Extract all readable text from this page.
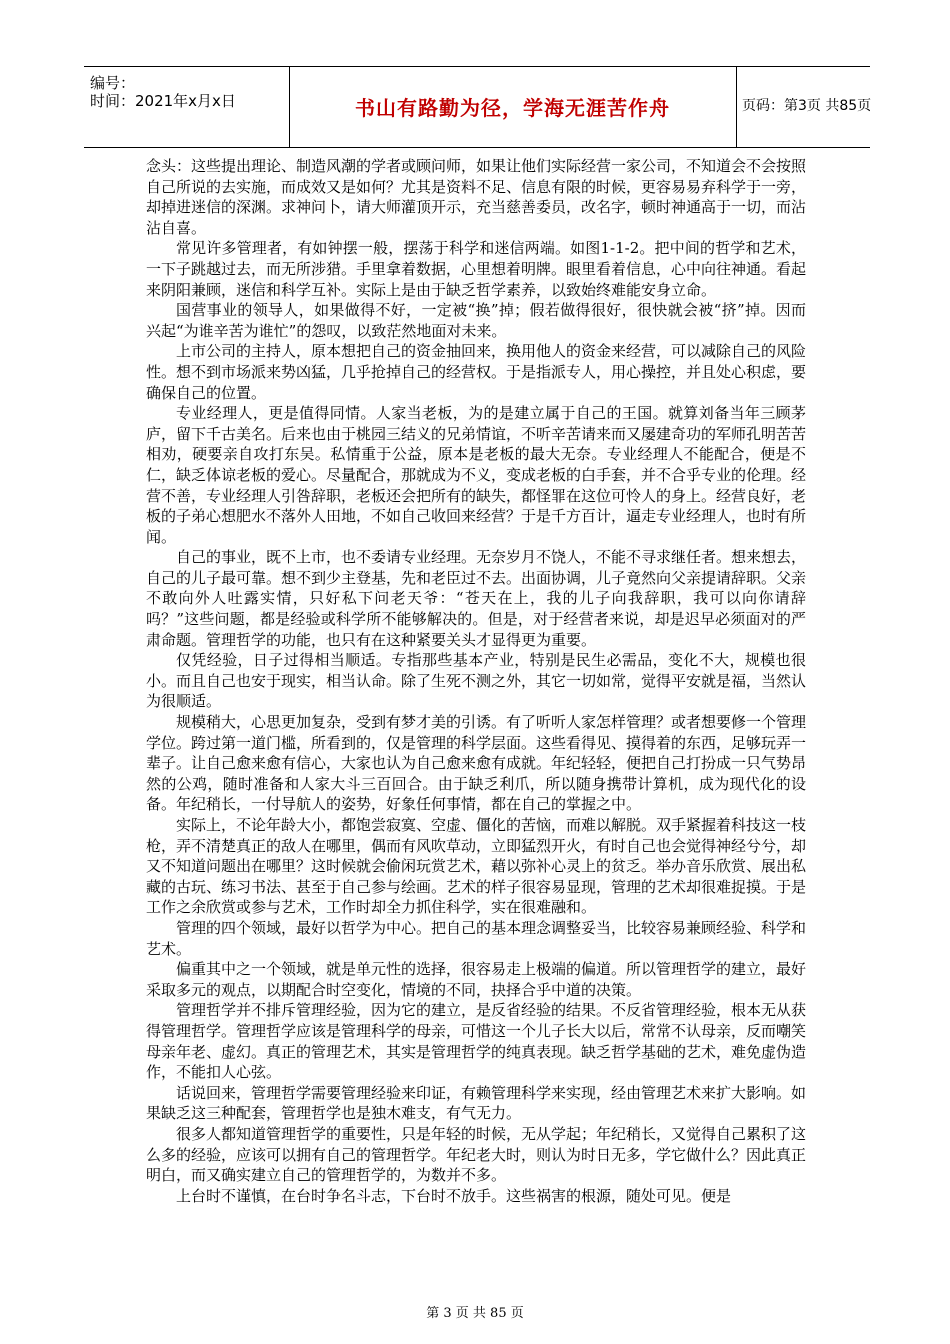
编号：
时间：2021年x月x日	书山有路勤为径，学海无涯苦作舟	页码：第3页 共85页

念头：这些提出理论、制造风潮的学者或顾问师，如果让他们实际经营一家公司，不知道会不会按照自己所说的去实施，而成效又是如何？尤其是资料不足、信息有限的时候，更容易易弃科学于一旁，却掉进迷信的深渊。求神问卜，请大师灌顶开示，充当慈善委员，改名字，顿时神通高于一切，而沾沾自喜。

常见许多管理者，有如钟摆一般，摆荡于科学和迷信两端。如图1-1-2。把中间的哲学和艺术，一下子跳越过去，而无所涉猎。手里拿着数据，心里想着明牌。眼里看着信息，心中向往神通。看起来阴阳兼顾，迷信和科学互补。实际上是由于缺乏哲学素养，以致始终难能安身立命。

国营事业的领导人，如果做得不好，一定被“换”掉；假若做得很好，很快就会被“挤”掉。因而兴起“为谁辛苦为谁忙”的怨叹，以致茫然地面对未来。

上市公司的主持人，原本想把自己的资金抽回来，换用他人的资金来经营，可以减除自己的风险性。想不到市场派来势凶猛，几乎抢掉自己的经营权。于是指派专人，用心操控，并且处心积虑，要确保自己的位置。

专业经理人，更是值得同情。人家当老板，为的是建立属于自己的王国。就算刘备当年三顾茅庐，留下千古美名。后来也由于桃园三结义的兄弟情谊，不听辛苦请来而又屡建奇功的军师孔明苦苦相劝，硬要亲自攻打东吴。私情重于公益，原本是老板的最大无奈。专业经理人不能配合，便是不仁，缺乏体谅老板的爱心。尽量配合，那就成为不义，变成老板的白手套，并不合乎专业的伦理。经营不善，专业经理人引咎辞职，老板还会把所有的缺失，都怪罪在这位可怜人的身上。经营良好，老板的子弟心想肥水不落外人田地，不如自己收回来经营？于是千方百计，逼走专业经理人，也时有所闻。

自己的事业，既不上市，也不委请专业经理。无奈岁月不饶人，不能不寻求继任者。想来想去，自己的儿子最可靠。想不到少主登基，先和老臣过不去。出面协调，儿子竟然向父亲提请辞职。父亲不敢向外人吐露实情，只好私下问老天爷：“苍天在上，我的儿子向我辞职，我可以向你请辞吗？”这些问题，都是经验或科学所不能够解决的。但是，对于经营者来说，却是迟早必须面对的严肃命题。管理哲学的功能，也只有在这种紧要关头才显得更为重要。

仅凭经验，日子过得相当顺适。专指那些基本产业，特别是民生必需品，变化不大，规模也很小。而且自己也安于现实，相当认命。除了生死不测之外，其它一切如常，觉得平安就是福，当然认为很顺适。

规模稍大，心思更加复杂，受到有梦才美的引诱。有了听听人家怎样管理？或者想要修一个管理学位。跨过第一道门槛，所看到的，仅是管理的科学层面。这些看得见、摸得着的东西，足够玩弄一辈子。让自己愈来愈有信心，大家也认为自己愈来愈有成就。年纪轻轻，便把自己打扮成一只气势昂然的公鸡，随时准备和人家大斗三百回合。由于缺乏利爪，所以随身携带计算机，成为现代化的设备。年纪稍长，一付导航人的姿势，好象任何事情，都在自己的掌握之中。

实际上，不论年龄大小，都饱尝寂寞、空虚、僵化的苦恼，而难以解脱。双手紧握着科技这一枝枪，弄不清楚真正的敌人在哪里，偶而有风吹草动，立即猛烈开火，有时自己也会觉得神经兮兮，却又不知道问题出在哪里？这时候就会偷闲玩赏艺术，藉以弥补心灵上的贫乏。举办音乐欣赏、展出私藏的古玩、练习书法、甚至于自己参与绘画。艺术的样子很容易显现，管理的艺术却很难捉摸。于是工作之余欣赏或参与艺术，工作时却全力抓住科学，实在很难融和。

管理的四个领域，最好以哲学为中心。把自己的基本理念调整妥当，比较容易兼顾经验、科学和艺术。

偏重其中之一个领域，就是单元性的选择，很容易走上极端的偏道。所以管理哲学的建立，最好采取多元的观点，以期配合时空变化，情境的不同，抉择合乎中道的决策。

管理哲学并不排斥管理经验，因为它的建立，是反省经验的结果。不反省管理经验，根本无从获得管理哲学。管理哲学应该是管理科学的母亲，可惜这一个儿子长大以后，常常不认母亲，反而嘲笑母亲年老、虚幻。真正的管理艺术，其实是管理哲学的纯真表现。缺乏哲学基础的艺术，难免虚伪造作，不能扣人心弦。

话说回来，管理哲学需要管理经验来印证，有赖管理科学来实现，经由管理艺术来扩大影响。如果缺乏这三种配套，管理哲学也是独木难支，有气无力。

很多人都知道管理哲学的重要性，只是年轻的时候，无从学起；年纪稍长，又觉得自己累积了这么多的经验，应该可以拥有自己的管理哲学。年纪老大时，则认为时日无多，学它做什么？因此真正明白，而又确实建立自己的管理哲学的，为数并不多。

上台时不谨慎，在台时争名斗志，下台时不放手。这些祸害的根源，随处可见。便是

第 3 页 共 85 页
